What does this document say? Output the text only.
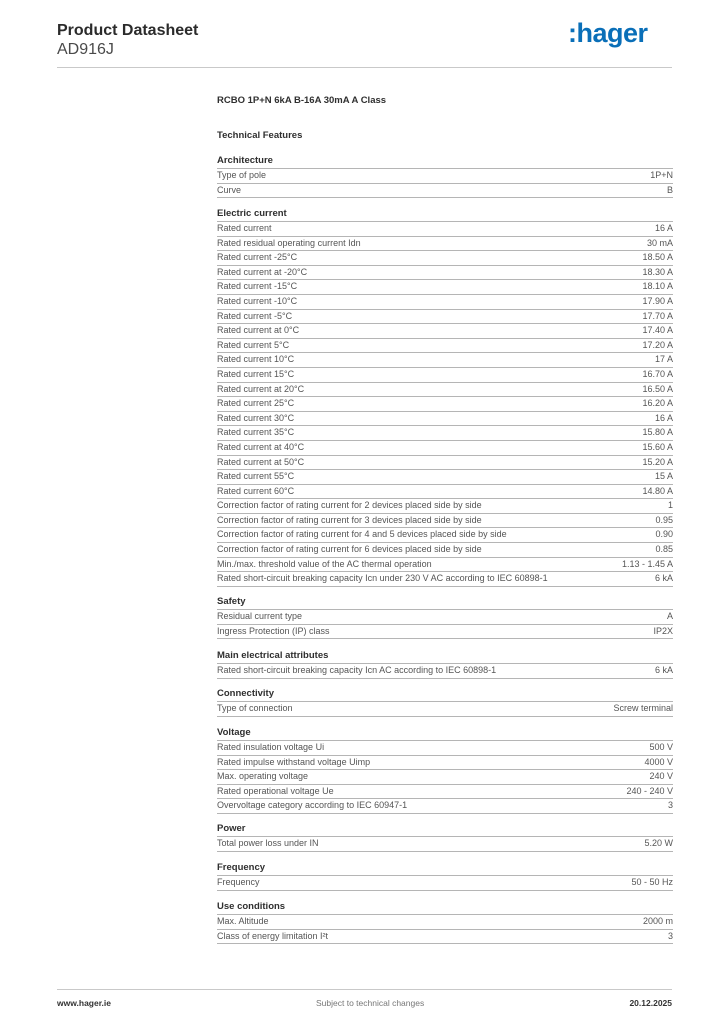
Product Datasheet
AD916J
:hager
RCBO 1P+N 6kA B-16A 30mA A Class
Technical Features
Architecture
Type of pole	1P+N
Curve	B
Electric current
Rated current	16 A
Rated residual operating current Idn	30 mA
Rated current -25°C	18.50 A
Rated current at -20°C	18.30 A
Rated current -15°C	18.10 A
Rated current -10°C	17.90 A
Rated current -5°C	17.70 A
Rated current at 0°C	17.40 A
Rated current 5°C	17.20 A
Rated current 10°C	17 A
Rated current 15°C	16.70 A
Rated current at 20°C	16.50 A
Rated current 25°C	16.20 A
Rated current 30°C	16 A
Rated current 35°C	15.80 A
Rated current at 40°C	15.60 A
Rated current at 50°C	15.20 A
Rated current 55°C	15 A
Rated current 60°C	14.80 A
Correction factor of rating current for 2 devices placed side by side	1
Correction factor of rating current for 3 devices placed side by side	0.95
Correction factor of rating current for 4 and 5 devices placed side by side	0.90
Correction factor of rating current for 6 devices placed side by side	0.85
Min./max. threshold value of the AC thermal operation	1.13 - 1.45 A
Rated short-circuit breaking capacity Icn under 230 V AC according to IEC 60898-1	6 kA
Safety
Residual current type	A
Ingress Protection (IP) class	IP2X
Main electrical attributes
Rated short-circuit breaking capacity Icn AC according to IEC 60898-1	6 kA
Connectivity
Type of connection	Screw terminal
Voltage
Rated insulation voltage Ui	500 V
Rated impulse withstand voltage Uimp	4000 V
Max. operating voltage	240 V
Rated operational voltage Ue	240 - 240 V
Overvoltage category according to IEC 60947-1	3
Power
Total power loss under IN	5.20 W
Frequency
Frequency	50 - 50 Hz
Use conditions
Max. Altitude	2000 m
Class of energy limitation I²t	3
www.hager.ie	Subject to technical changes	20.12.2025
